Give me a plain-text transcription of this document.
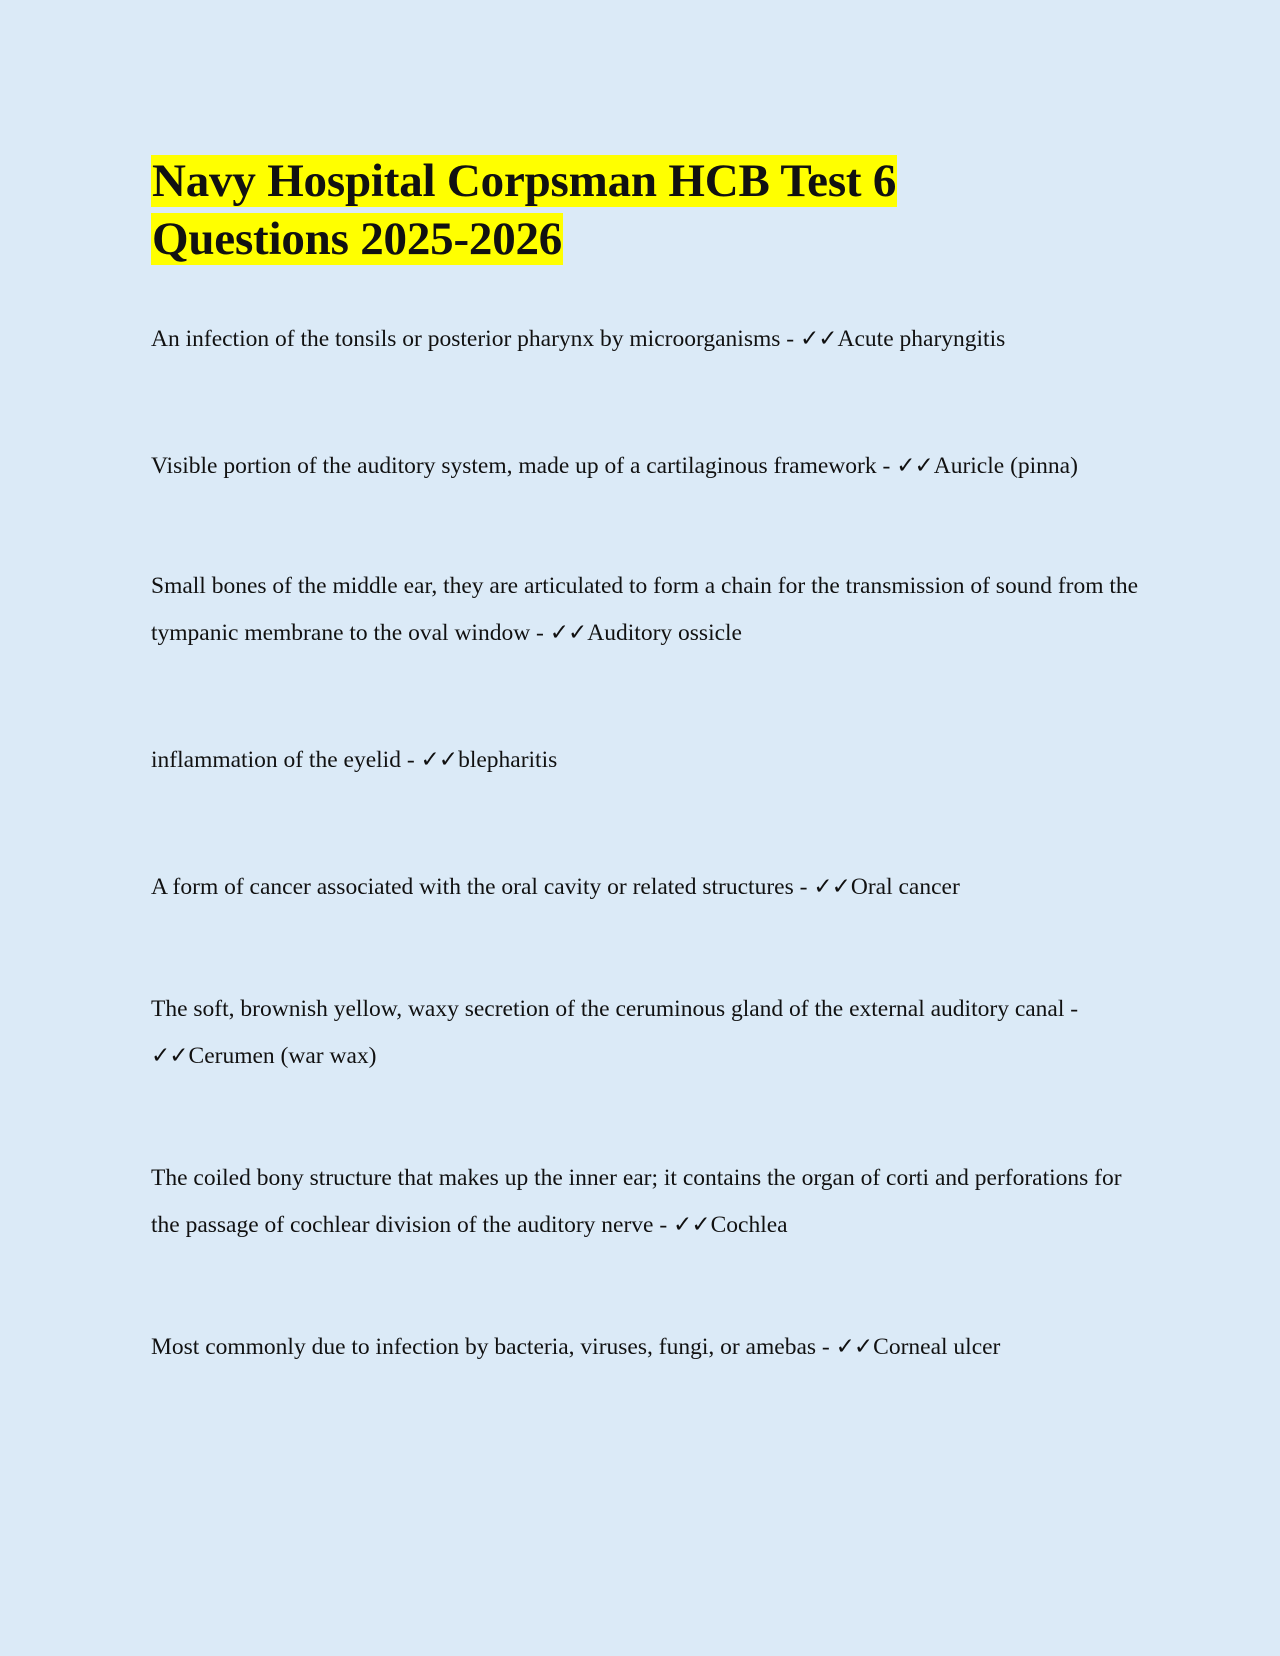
Navy Hospital Corpsman HCB Test 6
Questions 2025-2026

An infection of the tonsils or posterior pharynx by microorganisms - ✓✓Acute pharyngitis

Visible portion of the auditory system, made up of a cartilaginous framework - ✓✓Auricle (pinna)

Small bones of the middle ear, they are articulated to form a chain for the transmission of sound from the tympanic membrane to the oval window - ✓✓Auditory ossicle

inflammation of the eyelid - ✓✓blepharitis

A form of cancer associated with the oral cavity or related structures - ✓✓Oral cancer

The soft, brownish yellow, waxy secretion of the ceruminous gland of the external auditory canal - ✓✓Cerumen (war wax)

The coiled bony structure that makes up the inner ear; it contains the organ of corti and perforations for the passage of cochlear division of the auditory nerve - ✓✓Cochlea

Most commonly due to infection by bacteria, viruses, fungi, or amebas - ✓✓Corneal ulcer
